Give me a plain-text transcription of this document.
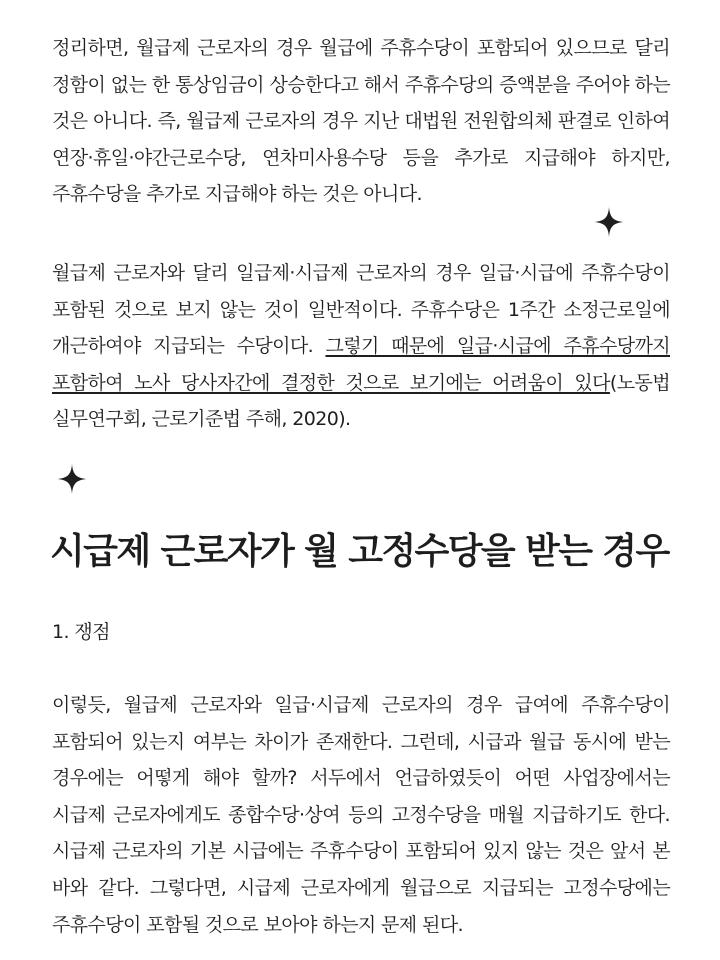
정리하면, 월급제 근로자의 경우 월급에 주휴수당이 포함되어 있으므로 달리 정함이 없는 한 통상임금이 상승한다고 해서 주휴수당의 증액분을 주어야 하는 것은 아니다. 즉, 월급제 근로자의 경우 지난 대법원 전원합의체 판결로 인하여 연장·휴일·야간근로수당, 연차미사용수당 등을 추가로 지급해야 하지만, 주휴수당을 추가로 지급해야 하는 것은 아니다.

월급제 근로자와 달리 일급제·시급제 근로자의 경우 일급·시급에 주휴수당이 포함된 것으로 보지 않는 것이 일반적이다. 주휴수당은 1주간 소정근로일에 개근하여야 지급되는 수당이다. 그렇기 때문에 일급·시급에 주휴수당까지 포함하여 노사 당사자간에 결정한 것으로 보기에는 어려움이 있다(노동법 실무연구회, 근로기준법 주해, 2020).

시급제 근로자가 월 고정수당을 받는 경우

1. 쟁점

이렇듯, 월급제 근로자와 일급·시급제 근로자의 경우 급여에 주휴수당이 포함되어 있는지 여부는 차이가 존재한다. 그런데, 시급과 월급 동시에 받는 경우에는 어떻게 해야 할까? 서두에서 언급하였듯이 어떤 사업장에서는 시급제 근로자에게도 종합수당·상여 등의 고정수당을 매월 지급하기도 한다. 시급제 근로자의 기본 시급에는 주휴수당이 포함되어 있지 않는 것은 앞서 본 바와 같다. 그렇다면, 시급제 근로자에게 월급으로 지급되는 고정수당에는 주휴수당이 포함될 것으로 보아야 하는지 문제 된다.
